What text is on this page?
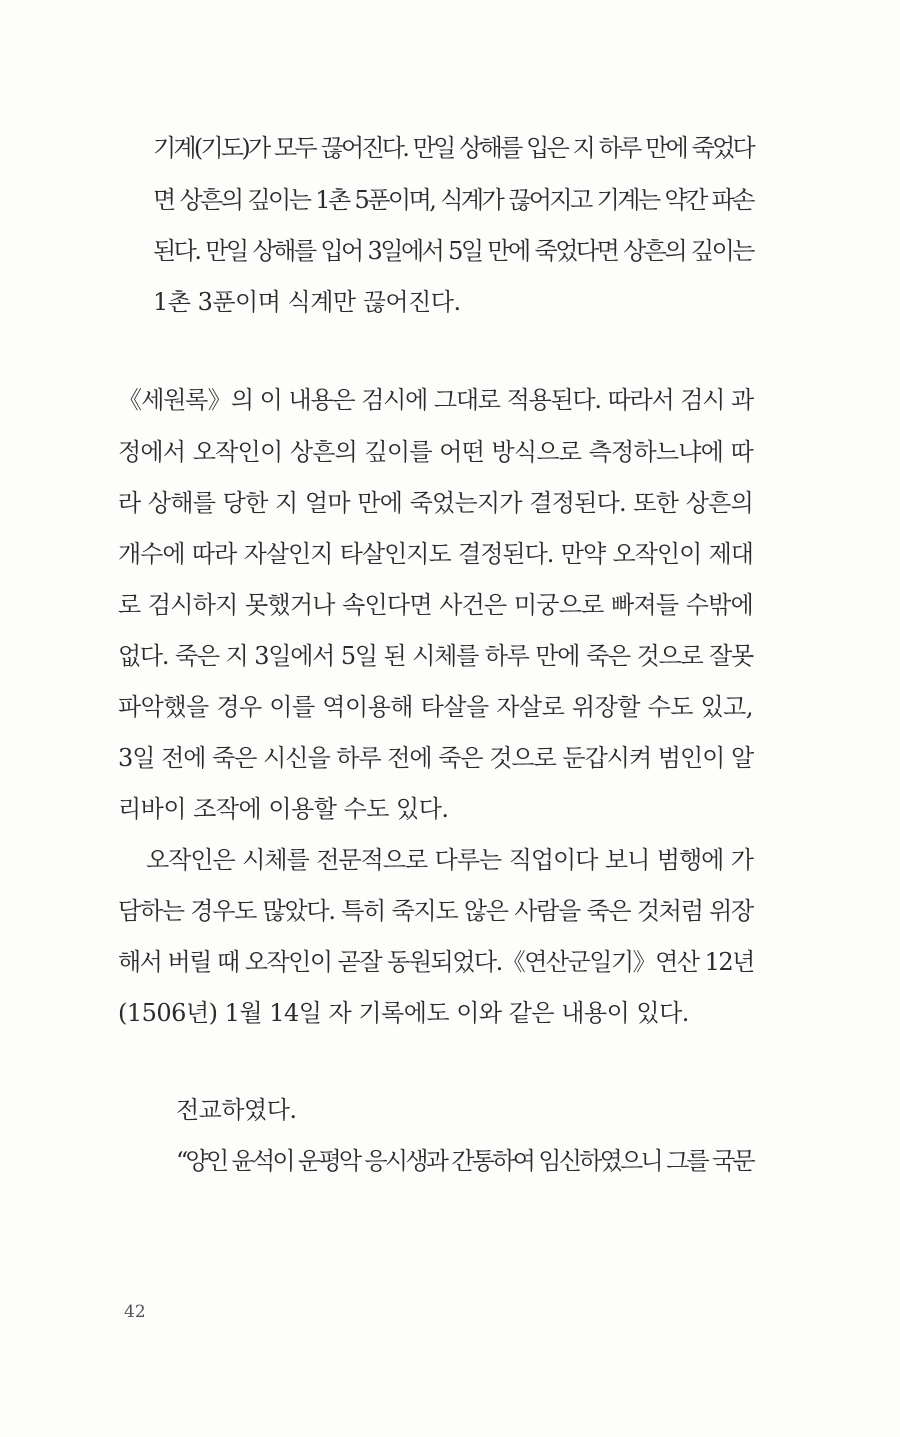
기계(기도)가 모두 끊어진다. 만일 상해를 입은 지 하루 만에 죽었다
면 상흔의 깊이는 1촌 5푼이며, 식계가 끊어지고 기계는 약간 파손
된다. 만일 상해를 입어 3일에서 5일 만에 죽었다면 상흔의 깊이는
1촌 3푼이며 식계만 끊어진다.
《세원록》의 이 내용은 검시에 그대로 적용된다. 따라서 검시 과
정에서 오작인이 상흔의 깊이를 어떤 방식으로 측정하느냐에 따
라 상해를 당한 지 얼마 만에 죽었는지가 결정된다. 또한 상흔의
개수에 따라 자살인지 타살인지도 결정된다. 만약 오작인이 제대
로 검시하지 못했거나 속인다면 사건은 미궁으로 빠져들 수밖에
없다. 죽은 지 3일에서 5일 된 시체를 하루 만에 죽은 것으로 잘못
파악했을 경우 이를 역이용해 타살을 자살로 위장할 수도 있고,
3일 전에 죽은 시신을 하루 전에 죽은 것으로 둔갑시켜 범인이 알
리바이 조작에 이용할 수도 있다.
오작인은 시체를 전문적으로 다루는 직업이다 보니 범행에 가
담하는 경우도 많았다. 특히 죽지도 않은 사람을 죽은 것처럼 위장
해서 버릴 때 오작인이 곧잘 동원되었다.《연산군일기》연산 12년
(1506년) 1월 14일 자 기록에도 이와 같은 내용이 있다.
전교하였다.
“양인 윤석이 운평악 응시생과 간통하여 임신하였으니 그를 국문
42
